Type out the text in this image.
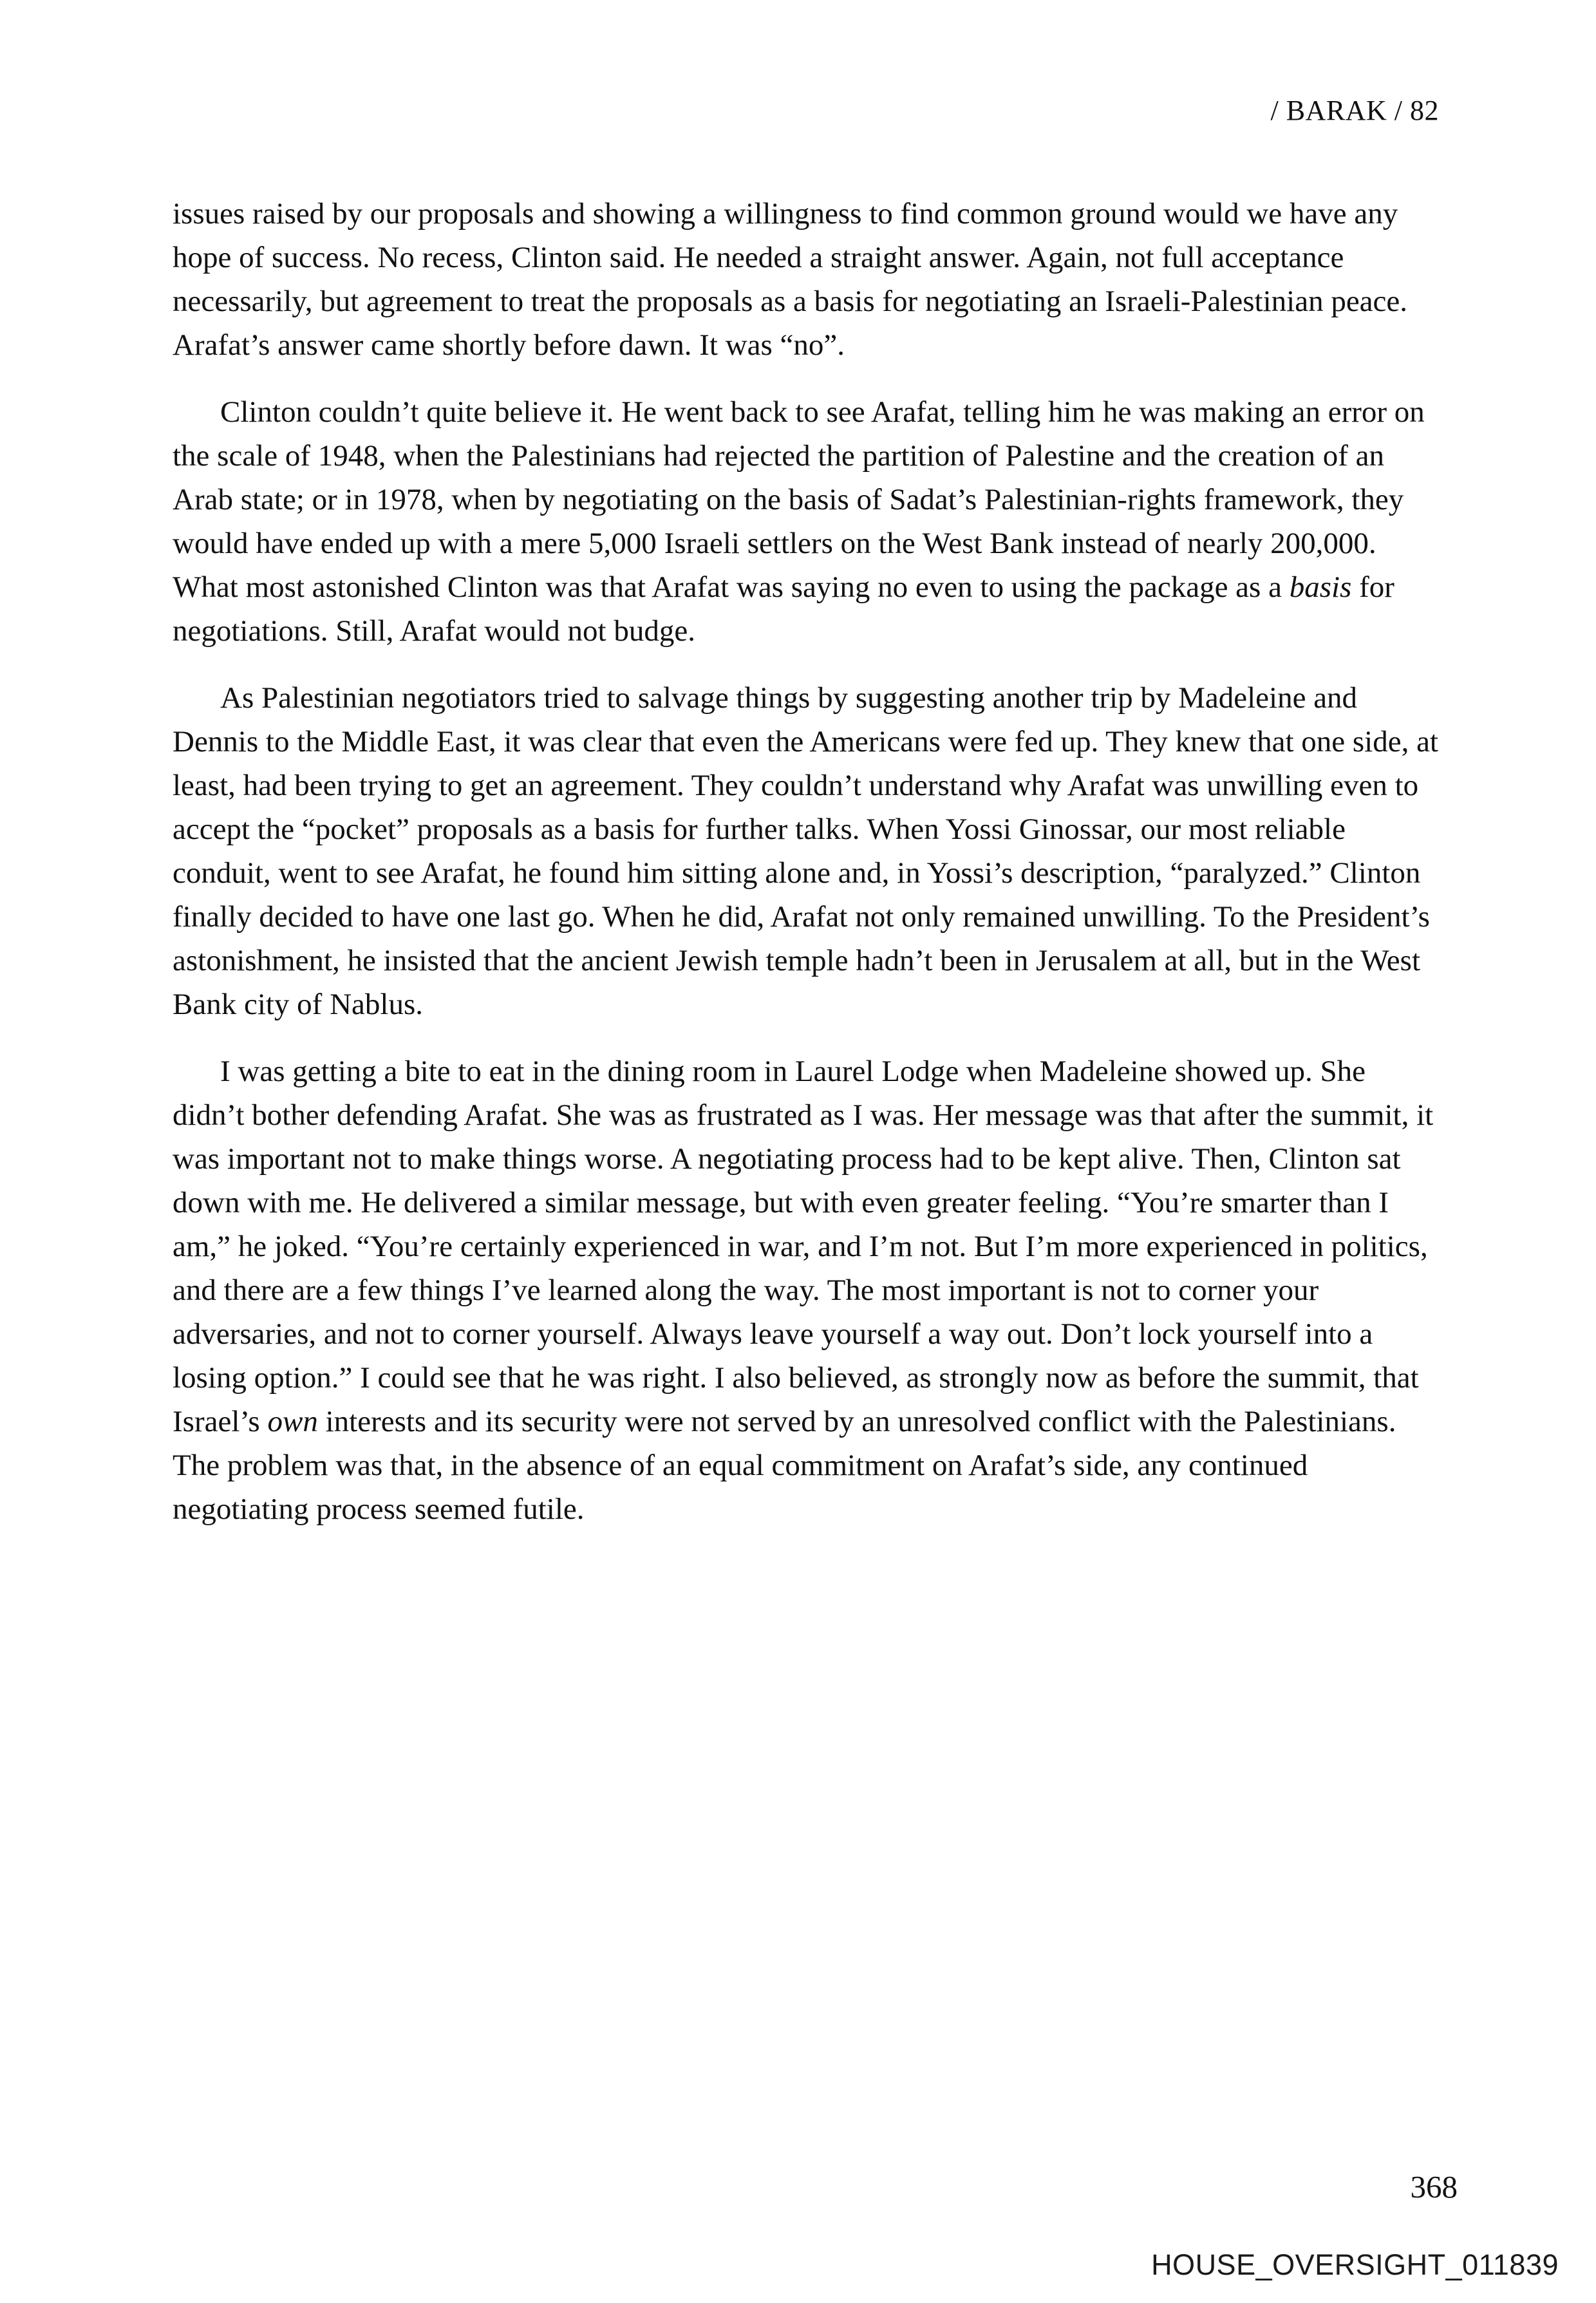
/ BARAK / 82

issues raised by our proposals and showing a willingness to find common ground would we have any hope of success. No recess, Clinton said. He needed a straight answer. Again, not full acceptance necessarily, but agreement to treat the proposals as a basis for negotiating an Israeli-Palestinian peace. Arafat’s answer came shortly before dawn. It was “no”.

Clinton couldn’t quite believe it. He went back to see Arafat, telling him he was making an error on the scale of 1948, when the Palestinians had rejected the partition of Palestine and the creation of an Arab state; or in 1978, when by negotiating on the basis of Sadat’s Palestinian-rights framework, they would have ended up with a mere 5,000 Israeli settlers on the West Bank instead of nearly 200,000. What most astonished Clinton was that Arafat was saying no even to using the package as a basis for negotiations. Still, Arafat would not budge.

As Palestinian negotiators tried to salvage things by suggesting another trip by Madeleine and Dennis to the Middle East, it was clear that even the Americans were fed up. They knew that one side, at least, had been trying to get an agreement. They couldn’t understand why Arafat was unwilling even to accept the “pocket” proposals as a basis for further talks. When Yossi Ginossar, our most reliable conduit, went to see Arafat, he found him sitting alone and, in Yossi’s description, “paralyzed.” Clinton finally decided to have one last go. When he did, Arafat not only remained unwilling. To the President’s astonishment, he insisted that the ancient Jewish temple hadn’t been in Jerusalem at all, but in the West Bank city of Nablus.

I was getting a bite to eat in the dining room in Laurel Lodge when Madeleine showed up. She didn’t bother defending Arafat. She was as frustrated as I was. Her message was that after the summit, it was important not to make things worse. A negotiating process had to be kept alive. Then, Clinton sat down with me. He delivered a similar message, but with even greater feeling. “You’re smarter than I am,” he joked. “You’re certainly experienced in war, and I’m not. But I’m more experienced in politics, and there are a few things I’ve learned along the way. The most important is not to corner your adversaries, and not to corner yourself. Always leave yourself a way out. Don’t lock yourself into a losing option.” I could see that he was right. I also believed, as strongly now as before the summit, that Israel’s own interests and its security were not served by an unresolved conflict with the Palestinians. The problem was that, in the absence of an equal commitment on Arafat’s side, any continued negotiating process seemed futile.

368
HOUSE_OVERSIGHT_011839
